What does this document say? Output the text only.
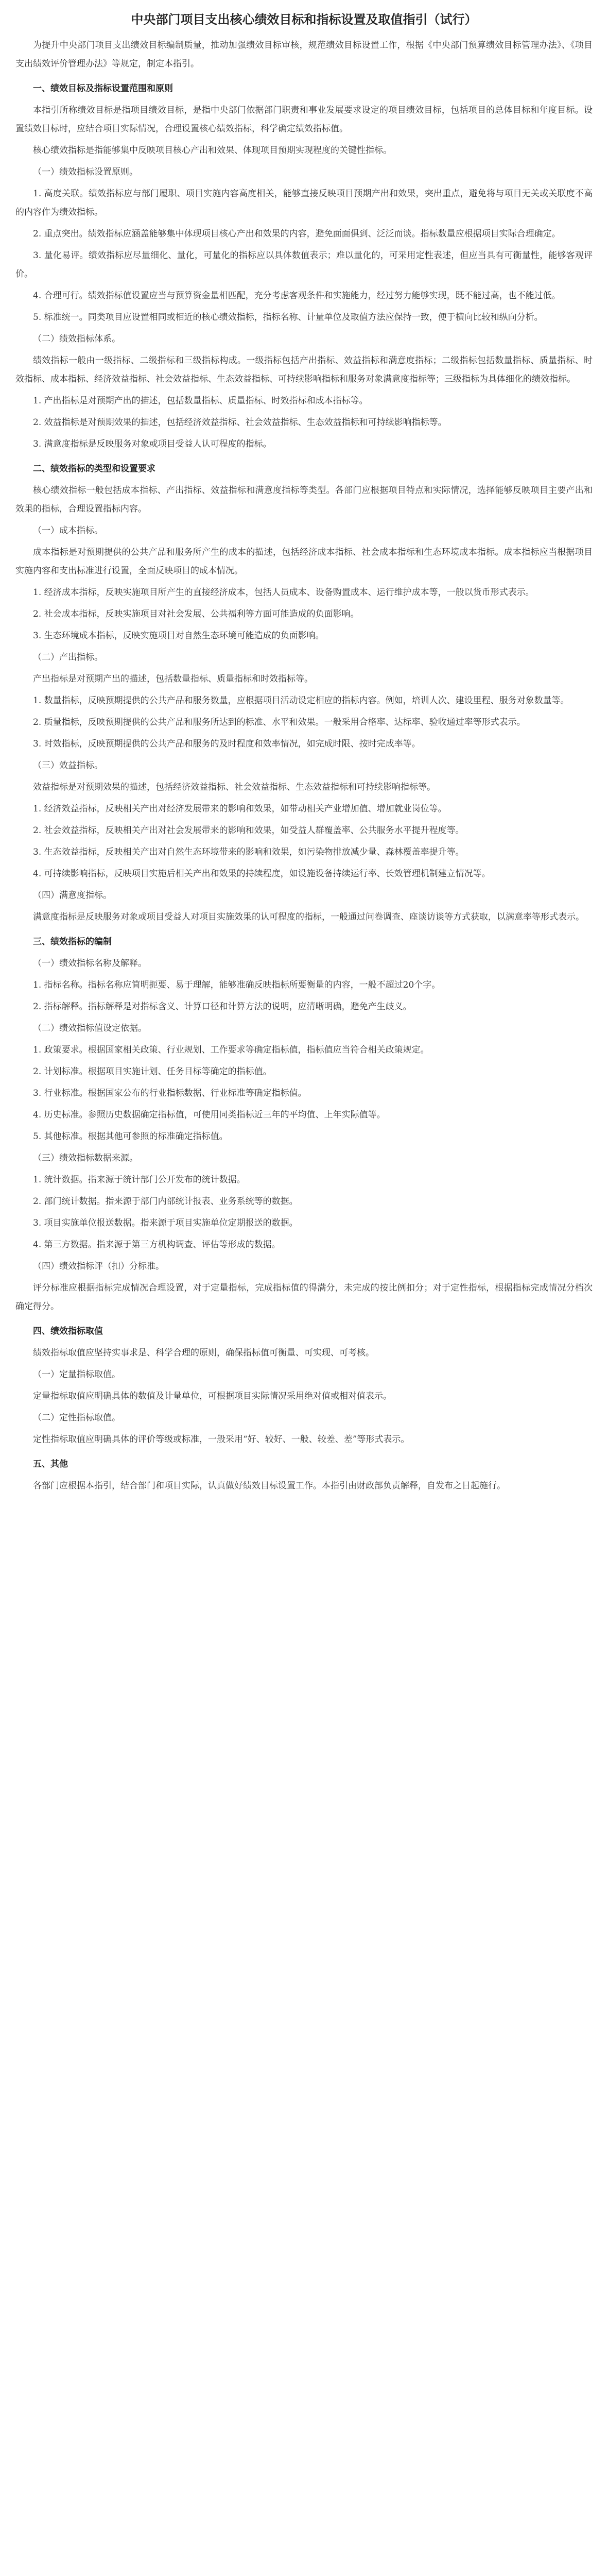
中央部门项目支出核心绩效目标和指标设置及取值指引（试行）
为提升中央部门项目支出绩效目标编制质量，推动加强绩效目标审核，规范绩效目标设置工作，根据《中央部门预算绩效目标管理办法》、《项目支出绩效评价管理办法》等规定，制定本指引。
一、绩效目标及指标设置范围和原则
本指引所称绩效目标是指项目绩效目标，是指中央部门依据部门职责和事业发展要求设定的项目绩效目标，包括项目的总体目标和年度目标。设置绩效目标时，应结合项目实际情况，合理设置核心绩效指标，科学确定绩效指标值。
核心绩效指标是指能够集中反映项目核心产出和效果、体现项目预期实现程度的关键性指标。
（一）绩效指标设置原则。
1. 高度关联。绩效指标应与部门履职、项目实施内容高度相关，能够直接反映项目预期产出和效果，突出重点，避免将与项目无关或关联度不高的内容作为绩效指标。
2. 重点突出。绩效指标应涵盖能够集中体现项目核心产出和效果的内容，避免面面俱到、泛泛而谈。指标数量应根据项目实际合理确定。
3. 量化易评。绩效指标应尽量细化、量化，可量化的指标应以具体数值表示；难以量化的，可采用定性表述，但应当具有可衡量性，能够客观评价。
4. 合理可行。绩效指标值设置应当与预算资金量相匹配，充分考虑客观条件和实施能力，经过努力能够实现，既不能过高，也不能过低。
5. 标准统一。同类项目应设置相同或相近的核心绩效指标，指标名称、计量单位及取值方法应保持一致，便于横向比较和纵向分析。
（二）绩效指标体系。
绩效指标一般由一级指标、二级指标和三级指标构成。一级指标包括产出指标、效益指标和满意度指标；二级指标包括数量指标、质量指标、时效指标、成本指标、经济效益指标、社会效益指标、生态效益指标、可持续影响指标和服务对象满意度指标等；三级指标为具体细化的绩效指标。
1. 产出指标是对预期产出的描述，包括数量指标、质量指标、时效指标和成本指标等。
2. 效益指标是对预期效果的描述，包括经济效益指标、社会效益指标、生态效益指标和可持续影响指标等。
3. 满意度指标是反映服务对象或项目受益人认可程度的指标。
二、绩效指标的类型和设置要求
核心绩效指标一般包括成本指标、产出指标、效益指标和满意度指标等类型。各部门应根据项目特点和实际情况，选择能够反映项目主要产出和效果的指标，合理设置指标内容。
（一）成本指标。
成本指标是对预期提供的公共产品和服务所产生的成本的描述，包括经济成本指标、社会成本指标和生态环境成本指标。成本指标应当根据项目实施内容和支出标准进行设置，全面反映项目的成本情况。
1. 经济成本指标，反映实施项目所产生的直接经济成本，包括人员成本、设备购置成本、运行维护成本等，一般以货币形式表示。
2. 社会成本指标，反映实施项目对社会发展、公共福利等方面可能造成的负面影响。
3. 生态环境成本指标，反映实施项目对自然生态环境可能造成的负面影响。
（二）产出指标。
产出指标是对预期产出的描述，包括数量指标、质量指标和时效指标等。
1. 数量指标，反映预期提供的公共产品和服务数量，应根据项目活动设定相应的指标内容。例如，培训人次、建设里程、服务对象数量等。
2. 质量指标，反映预期提供的公共产品和服务所达到的标准、水平和效果。一般采用合格率、达标率、验收通过率等形式表示。
3. 时效指标，反映预期提供的公共产品和服务的及时程度和效率情况，如完成时限、按时完成率等。
（三）效益指标。
效益指标是对预期效果的描述，包括经济效益指标、社会效益指标、生态效益指标和可持续影响指标等。
1. 经济效益指标，反映相关产出对经济发展带来的影响和效果，如带动相关产业增加值、增加就业岗位等。
2. 社会效益指标，反映相关产出对社会发展带来的影响和效果，如受益人群覆盖率、公共服务水平提升程度等。
3. 生态效益指标，反映相关产出对自然生态环境带来的影响和效果，如污染物排放减少量、森林覆盖率提升等。
4. 可持续影响指标，反映项目实施后相关产出和效果的持续程度，如设施设备持续运行率、长效管理机制建立情况等。
（四）满意度指标。
满意度指标是反映服务对象或项目受益人对项目实施效果的认可程度的指标，一般通过问卷调查、座谈访谈等方式获取，以满意率等形式表示。
三、绩效指标的编制
（一）绩效指标名称及解释。
1. 指标名称。指标名称应简明扼要、易于理解，能够准确反映指标所要衡量的内容，一般不超过20个字。
2. 指标解释。指标解释是对指标含义、计算口径和计算方法的说明，应清晰明确，避免产生歧义。
（二）绩效指标值设定依据。
1. 政策要求。根据国家相关政策、行业规划、工作要求等确定指标值，指标值应当符合相关政策规定。
2. 计划标准。根据项目实施计划、任务目标等确定的指标值。
3. 行业标准。根据国家公布的行业指标数据、行业标准等确定指标值。
4. 历史标准。参照历史数据确定指标值，可使用同类指标近三年的平均值、上年实际值等。
5. 其他标准。根据其他可参照的标准确定指标值。
（三）绩效指标数据来源。
1. 统计数据。指来源于统计部门公开发布的统计数据。
2. 部门统计数据。指来源于部门内部统计报表、业务系统等的数据。
3. 项目实施单位报送数据。指来源于项目实施单位定期报送的数据。
4. 第三方数据。指来源于第三方机构调查、评估等形成的数据。
（四）绩效指标评（扣）分标准。
评分标准应根据指标完成情况合理设置，对于定量指标，完成指标值的得满分，未完成的按比例扣分；对于定性指标，根据指标完成情况分档次确定得分。
四、绩效指标取值
绩效指标取值应坚持实事求是、科学合理的原则，确保指标值可衡量、可实现、可考核。
（一）定量指标取值。
定量指标取值应明确具体的数值及计量单位，可根据项目实际情况采用绝对值或相对值表示。
（二）定性指标取值。
定性指标取值应明确具体的评价等级或标准，一般采用“好、较好、一般、较差、差”等形式表示。
五、其他
各部门应根据本指引，结合部门和项目实际，认真做好绩效目标设置工作。本指引由财政部负责解释，自发布之日起施行。
